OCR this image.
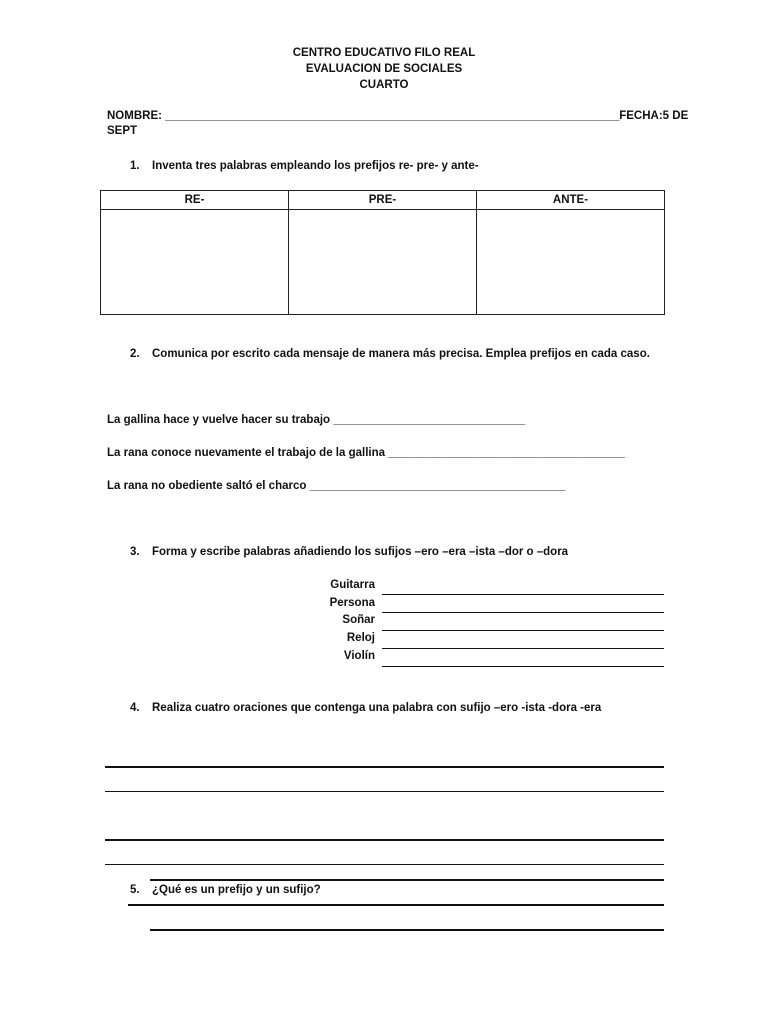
CENTRO EDUCATIVO FILO REAL
EVALUACION DE SOCIALES
CUARTO
NOMBRE: _______________________________________________________________________FECHA:5 DE
SEPT
1. Inventa tres palabras empleando los prefijos re- pre- y ante-
RE-	PRE-	ANTE-

2. Comunica por escrito cada mensaje de manera más precisa. Emplea prefijos en cada caso.
La gallina hace y vuelve hacer su trabajo ______________________________
La rana conoce nuevamente el trabajo de la gallina _____________________________________
La rana no obediente saltó el charco ________________________________________
3. Forma y escribe palabras añadiendo los sufijos –ero –era –ista –dor o –dora
Guitarra
Persona
Soñar
Reloj
Violín
4. Realiza cuatro oraciones que contenga una palabra con sufijo –ero -ista -dora -era
5. ¿Qué es un prefijo y un sufijo?
